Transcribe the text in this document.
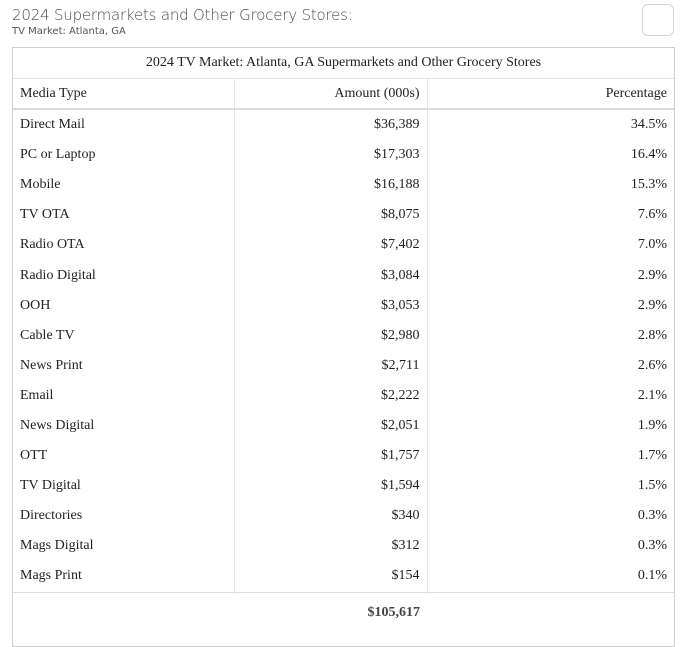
2024 Supermarkets and Other Grocery Stores:
TV Market: Atlanta, GA
2024 TV Market: Atlanta, GA Supermarkets and Other Grocery Stores
Media Type	Amount (000s)	Percentage
Direct Mail	$36,389	34.5%
PC or Laptop	$17,303	16.4%
Mobile	$16,188	15.3%
TV OTA	$8,075	7.6%
Radio OTA	$7,402	7.0%
Radio Digital	$3,084	2.9%
OOH	$3,053	2.9%
Cable TV	$2,980	2.8%
News Print	$2,711	2.6%
Email	$2,222	2.1%
News Digital	$2,051	1.9%
OTT	$1,757	1.7%
TV Digital	$1,594	1.5%
Directories	$340	0.3%
Mags Digital	$312	0.3%
Mags Print	$154	0.1%
	$105,617	
